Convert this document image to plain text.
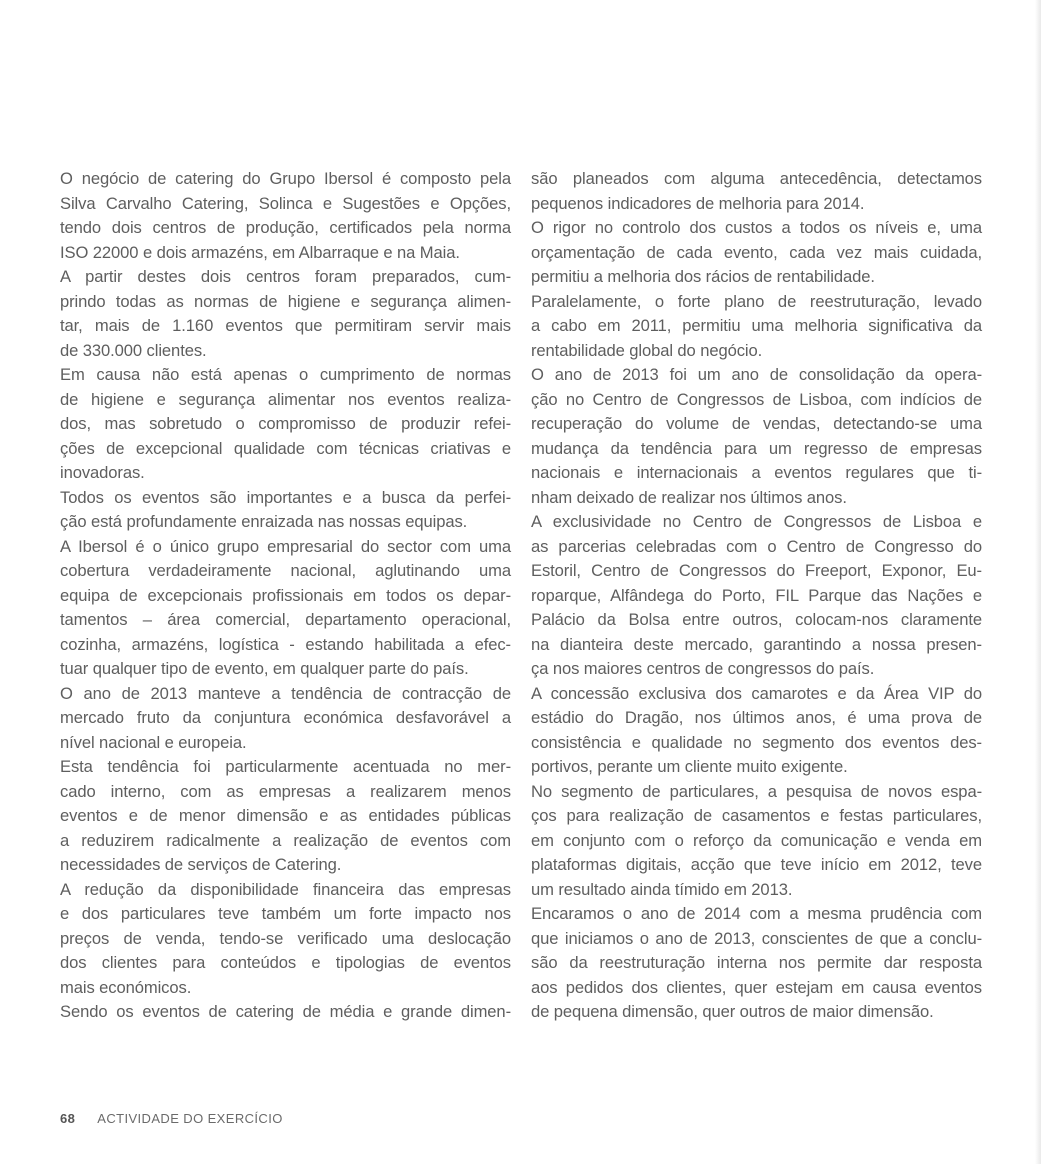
O negócio de catering do Grupo Ibersol é composto pela
Silva Carvalho Catering, Solinca e Sugestões e Opções,
tendo dois centros de produção, certificados pela norma
ISO 22000 e dois armazéns, em Albarraque e na Maia.

A partir destes dois centros foram preparados, cum-
prindo todas as normas de higiene e segurança alimen-
tar, mais de 1.160 eventos que permitiram servir mais
de 330.000 clientes.

Em causa não está apenas o cumprimento de normas
de higiene e segurança alimentar nos eventos realiza-
dos, mas sobretudo o compromisso de produzir refei-
ções de excepcional qualidade com técnicas criativas e
inovadoras.

Todos os eventos são importantes e a busca da perfei-
ção está profundamente enraizada nas nossas equipas.

A Ibersol é o único grupo empresarial do sector com uma
cobertura verdadeiramente nacional, aglutinando uma
equipa de excepcionais profissionais em todos os depar-
tamentos – área comercial, departamento operacional,
cozinha, armazéns, logística - estando habilitada a efec-
tuar qualquer tipo de evento, em qualquer parte do país.

O ano de 2013 manteve a tendência de contracção de
mercado fruto da conjuntura económica desfavorável a
nível nacional e europeia.

Esta tendência foi particularmente acentuada no mer-
cado interno, com as empresas a realizarem menos
eventos e de menor dimensão e as entidades públicas
a reduzirem radicalmente a realização de eventos com
necessidades de serviços de Catering.

A redução da disponibilidade financeira das empresas
e dos particulares teve também um forte impacto nos
preços de venda, tendo-se verificado uma deslocação
dos clientes para conteúdos e tipologias de eventos
mais económicos.

Sendo os eventos de catering de média e grande dimen-

são planeados com alguma antecedência, detectamos
pequenos indicadores de melhoria para 2014.

O rigor no controlo dos custos a todos os níveis e, uma
orçamentação de cada evento, cada vez mais cuidada,
permitiu a melhoria dos rácios de rentabilidade.

Paralelamente, o forte plano de reestruturação, levado
a cabo em 2011, permitiu uma melhoria significativa da
rentabilidade global do negócio.

O ano de 2013 foi um ano de consolidação da opera-
ção no Centro de Congressos de Lisboa, com indícios de
recuperação do volume de vendas, detectando-se uma
mudança da tendência para um regresso de empresas
nacionais e internacionais a eventos regulares que ti-
nham deixado de realizar nos últimos anos.

A exclusividade no Centro de Congressos de Lisboa e
as parcerias celebradas com o Centro de Congresso do
Estoril, Centro de Congressos do Freeport, Exponor, Eu-
roparque, Alfândega do Porto, FIL Parque das Nações e
Palácio da Bolsa entre outros, colocam-nos claramente
na dianteira deste mercado, garantindo a nossa presen-
ça nos maiores centros de congressos do país.

A concessão exclusiva dos camarotes e da Área VIP do
estádio do Dragão, nos últimos anos, é uma prova de
consistência e qualidade no segmento dos eventos des-
portivos, perante um cliente muito exigente.

No segmento de particulares, a pesquisa de novos espa-
ços para realização de casamentos e festas particulares,
em conjunto com o reforço da comunicação e venda em
plataformas digitais, acção que teve início em 2012, teve
um resultado ainda tímido em 2013.

Encaramos o ano de 2014 com a mesma prudência com
que iniciamos o ano de 2013, conscientes de que a conclu-
são da reestruturação interna nos permite dar resposta
aos pedidos dos clientes, quer estejam em causa eventos
de pequena dimensão, quer outros de maior dimensão.

68 ACTIVIDADE DO EXERCÍCIO
